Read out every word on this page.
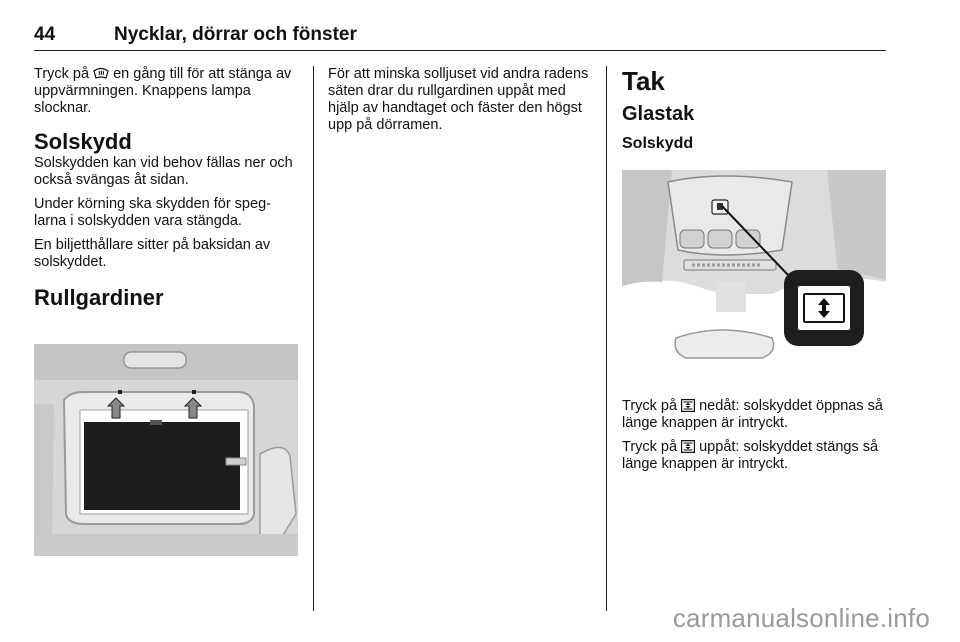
44	Nycklar, dörrar och fönster

Tryck på  en gång till för att stänga av uppvärmningen. Knappens lampa slocknar.

Solskydd

Solskydden kan vid behov fällas ner och också svängas åt sidan.

Under körning ska skydden för speg-larna i solskydden vara stängda.

En biljetthållare sitter på baksidan av solskyddet.

Rullgardiner

För att minska solljuset vid andra radens säten drar du rullgardinen uppåt med hjälp av handtaget och fäster den högst upp på dörramen.

Tak
Glastak
Solskydd

Tryck på  nedåt: solskyddet öppnas så länge knappen är intryckt.

Tryck på  uppåt: solskyddet stängs så länge knappen är intryckt.

carmanualsonline.info
